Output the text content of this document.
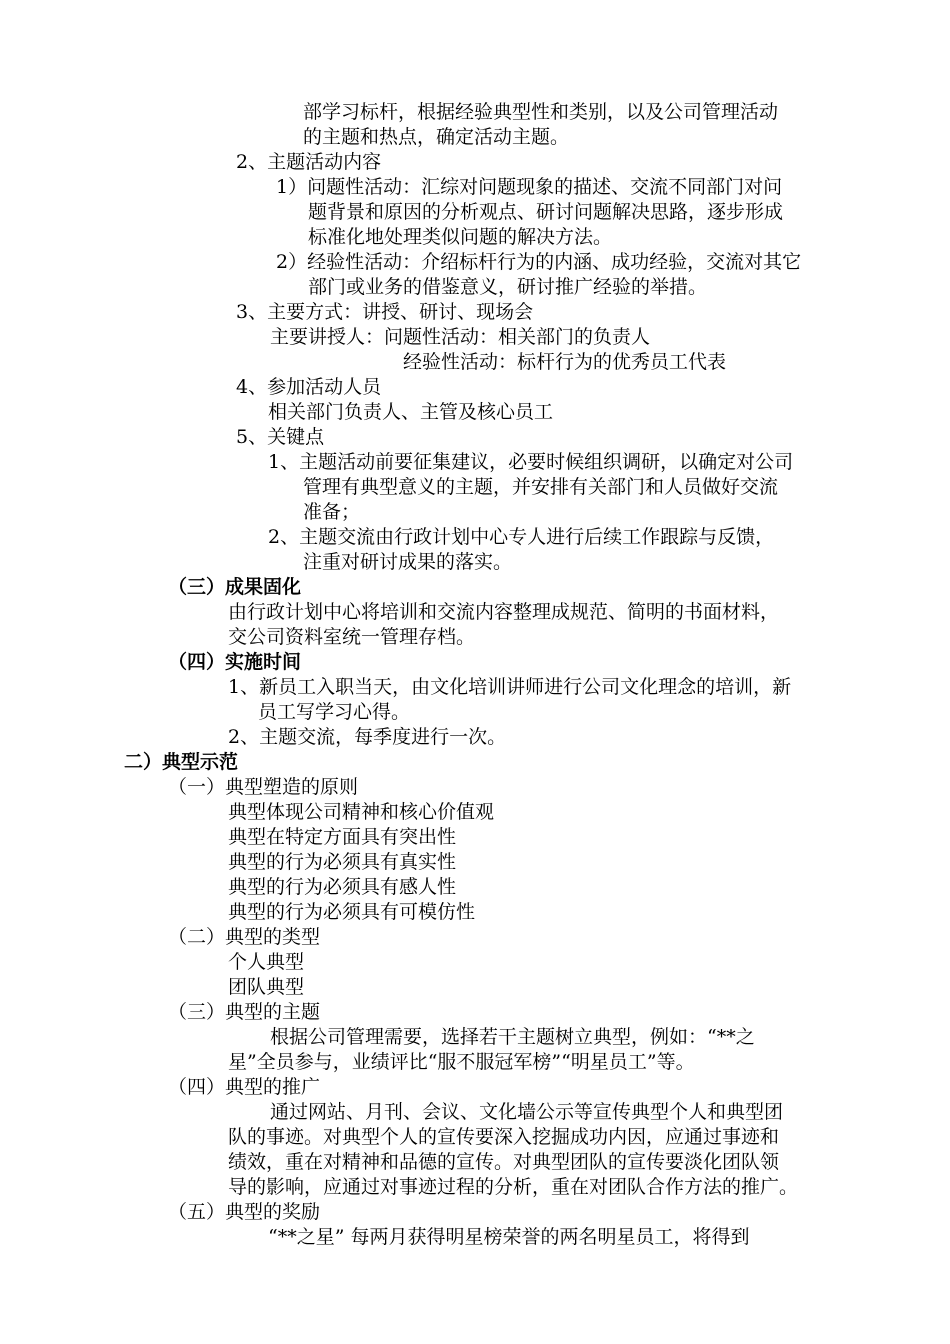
部学习标杆，根据经验典型性和类别，以及公司管理活动
的主题和热点，确定活动主题。
2、主题活动内容
1）问题性活动：汇综对问题现象的描述、交流不同部门对问
题背景和原因的分析观点、研讨问题解决思路，逐步形成
标准化地处理类似问题的解决方法。
2）经验性活动：介绍标杆行为的内涵、成功经验，交流对其它
部门或业务的借鉴意义，研讨推广经验的举措。
3、主要方式：讲授、研讨、现场会
主要讲授人：问题性活动：相关部门的负责人
经验性活动：标杆行为的优秀员工代表
4、参加活动人员
相关部门负责人、主管及核心员工
5、关键点
1、主题活动前要征集建议，必要时候组织调研，以确定对公司
管理有典型意义的主题，并安排有关部门和人员做好交流
准备；
2、主题交流由行政计划中心专人进行后续工作跟踪与反馈，
注重对研讨成果的落实。
（三）成果固化
由行政计划中心将培训和交流内容整理成规范、简明的书面材料，
交公司资料室统一管理存档。
（四）实施时间
1、新员工入职当天，由文化培训讲师进行公司文化理念的培训，新
员工写学习心得。
2、主题交流，每季度进行一次。
二）典型示范
（一）典型塑造的原则
典型体现公司精神和核心价值观
典型在特定方面具有突出性
典型的行为必须具有真实性
典型的行为必须具有感人性
典型的行为必须具有可模仿性
（二）典型的类型
个人典型
团队典型
（三）典型的主题
根据公司管理需要，选择若干主题树立典型，例如：“**之
星”全员参与，业绩评比“服不服冠军榜”“明星员工”等。
（四）典型的推广
通过网站、月刊、会议、文化墙公示等宣传典型个人和典型团
队的事迹。对典型个人的宣传要深入挖掘成功内因，应通过事迹和
绩效，重在对精神和品德的宣传。对典型团队的宣传要淡化团队领
导的影响，应通过对事迹过程的分析，重在对团队合作方法的推广。
（五）典型的奖励
“**之星” 每两月获得明星榜荣誉的两名明星员工，将得到
